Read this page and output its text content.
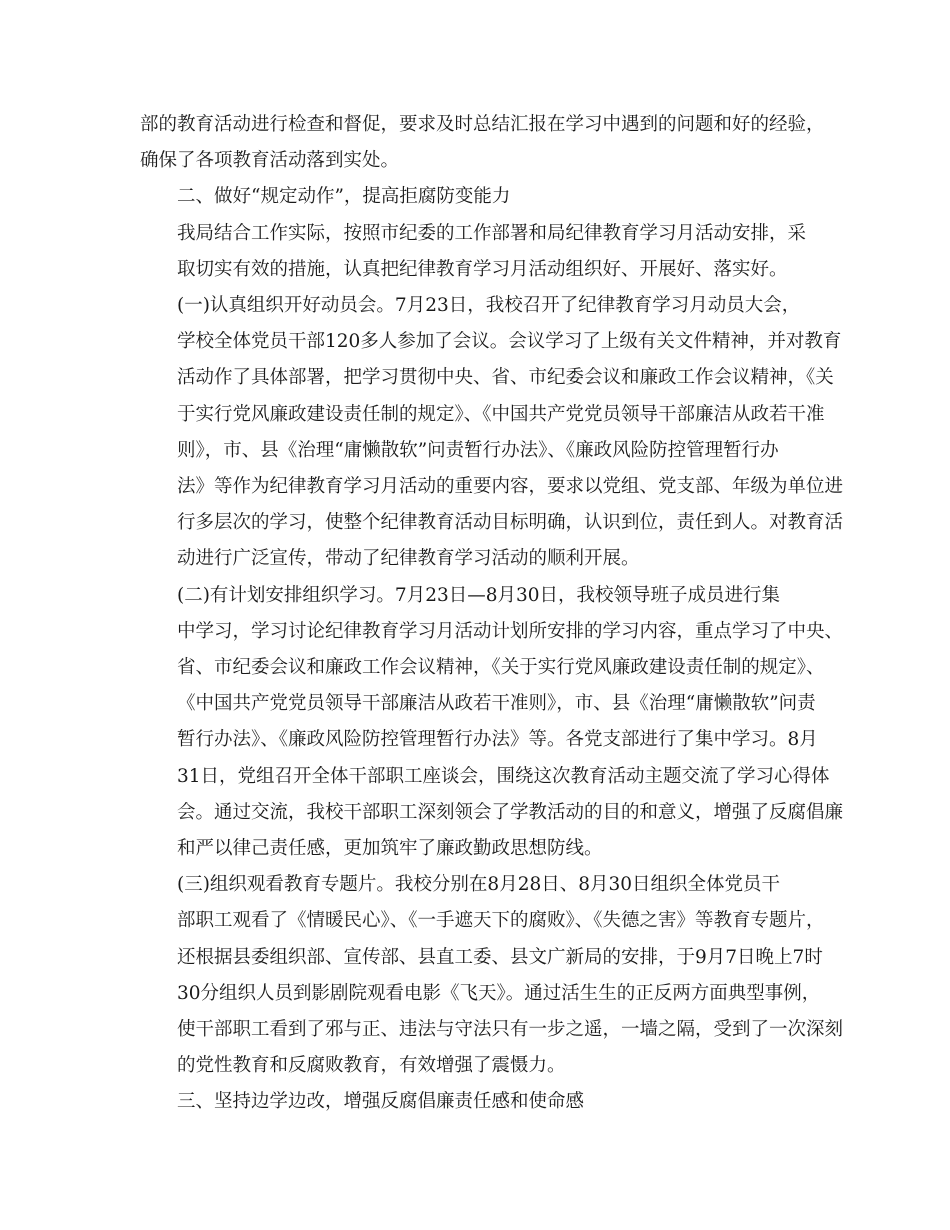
部的教育活动进行检查和督促，要求及时总结汇报在学习中遇到的问题和好的经验，
确保了各项教育活动落到实处。

二、做好“规定动作”，提高拒腐防变能力

我局结合工作实际，按照市纪委的工作部署和局纪律教育学习月活动安排，采
取切实有效的措施，认真把纪律教育学习月活动组织好、开展好、落实好。

(一)认真组织开好动员会。7月23日，我校召开了纪律教育学习月动员大会，
学校全体党员干部120多人参加了会议。会议学习了上级有关文件精神，并对教育
活动作了具体部署，把学习贯彻中央、省、市纪委会议和廉政工作会议精神，《关
于实行党风廉政建设责任制的规定》、《中国共产党党员领导干部廉洁从政若干准
则》，市、县《治理“庸懒散软”问责暂行办法》、《廉政风险防控管理暂行办
法》等作为纪律教育学习月活动的重要内容，要求以党组、党支部、年级为单位进
行多层次的学习，使整个纪律教育活动目标明确，认识到位，责任到人。对教育活
动进行广泛宣传，带动了纪律教育学习活动的顺利开展。

(二)有计划安排组织学习。7月23日—8月30日，我校领导班子成员进行集
中学习，学习讨论纪律教育学习月活动计划所安排的学习内容，重点学习了中央、
省、市纪委会议和廉政工作会议精神，《关于实行党风廉政建设责任制的规定》、
《中国共产党党员领导干部廉洁从政若干准则》，市、县《治理“庸懒散软”问责
暂行办法》、《廉政风险防控管理暂行办法》等。各党支部进行了集中学习。8月
31日，党组召开全体干部职工座谈会，围绕这次教育活动主题交流了学习心得体
会。通过交流，我校干部职工深刻领会了学教活动的目的和意义，增强了反腐倡廉
和严以律己责任感，更加筑牢了廉政勤政思想防线。

(三)组织观看教育专题片。我校分别在8月28日、8月30日组织全体党员干
部职工观看了《情暖民心》、《一手遮天下的腐败》、《失德之害》等教育专题片，
还根据县委组织部、宣传部、县直工委、县文广新局的安排，于9月7日晚上7时
30分组织人员到影剧院观看电影《飞天》。通过活生生的正反两方面典型事例，
使干部职工看到了邪与正、违法与守法只有一步之遥，一墙之隔，受到了一次深刻
的党性教育和反腐败教育，有效增强了震慑力。

三、坚持边学边改，增强反腐倡廉责任感和使命感
